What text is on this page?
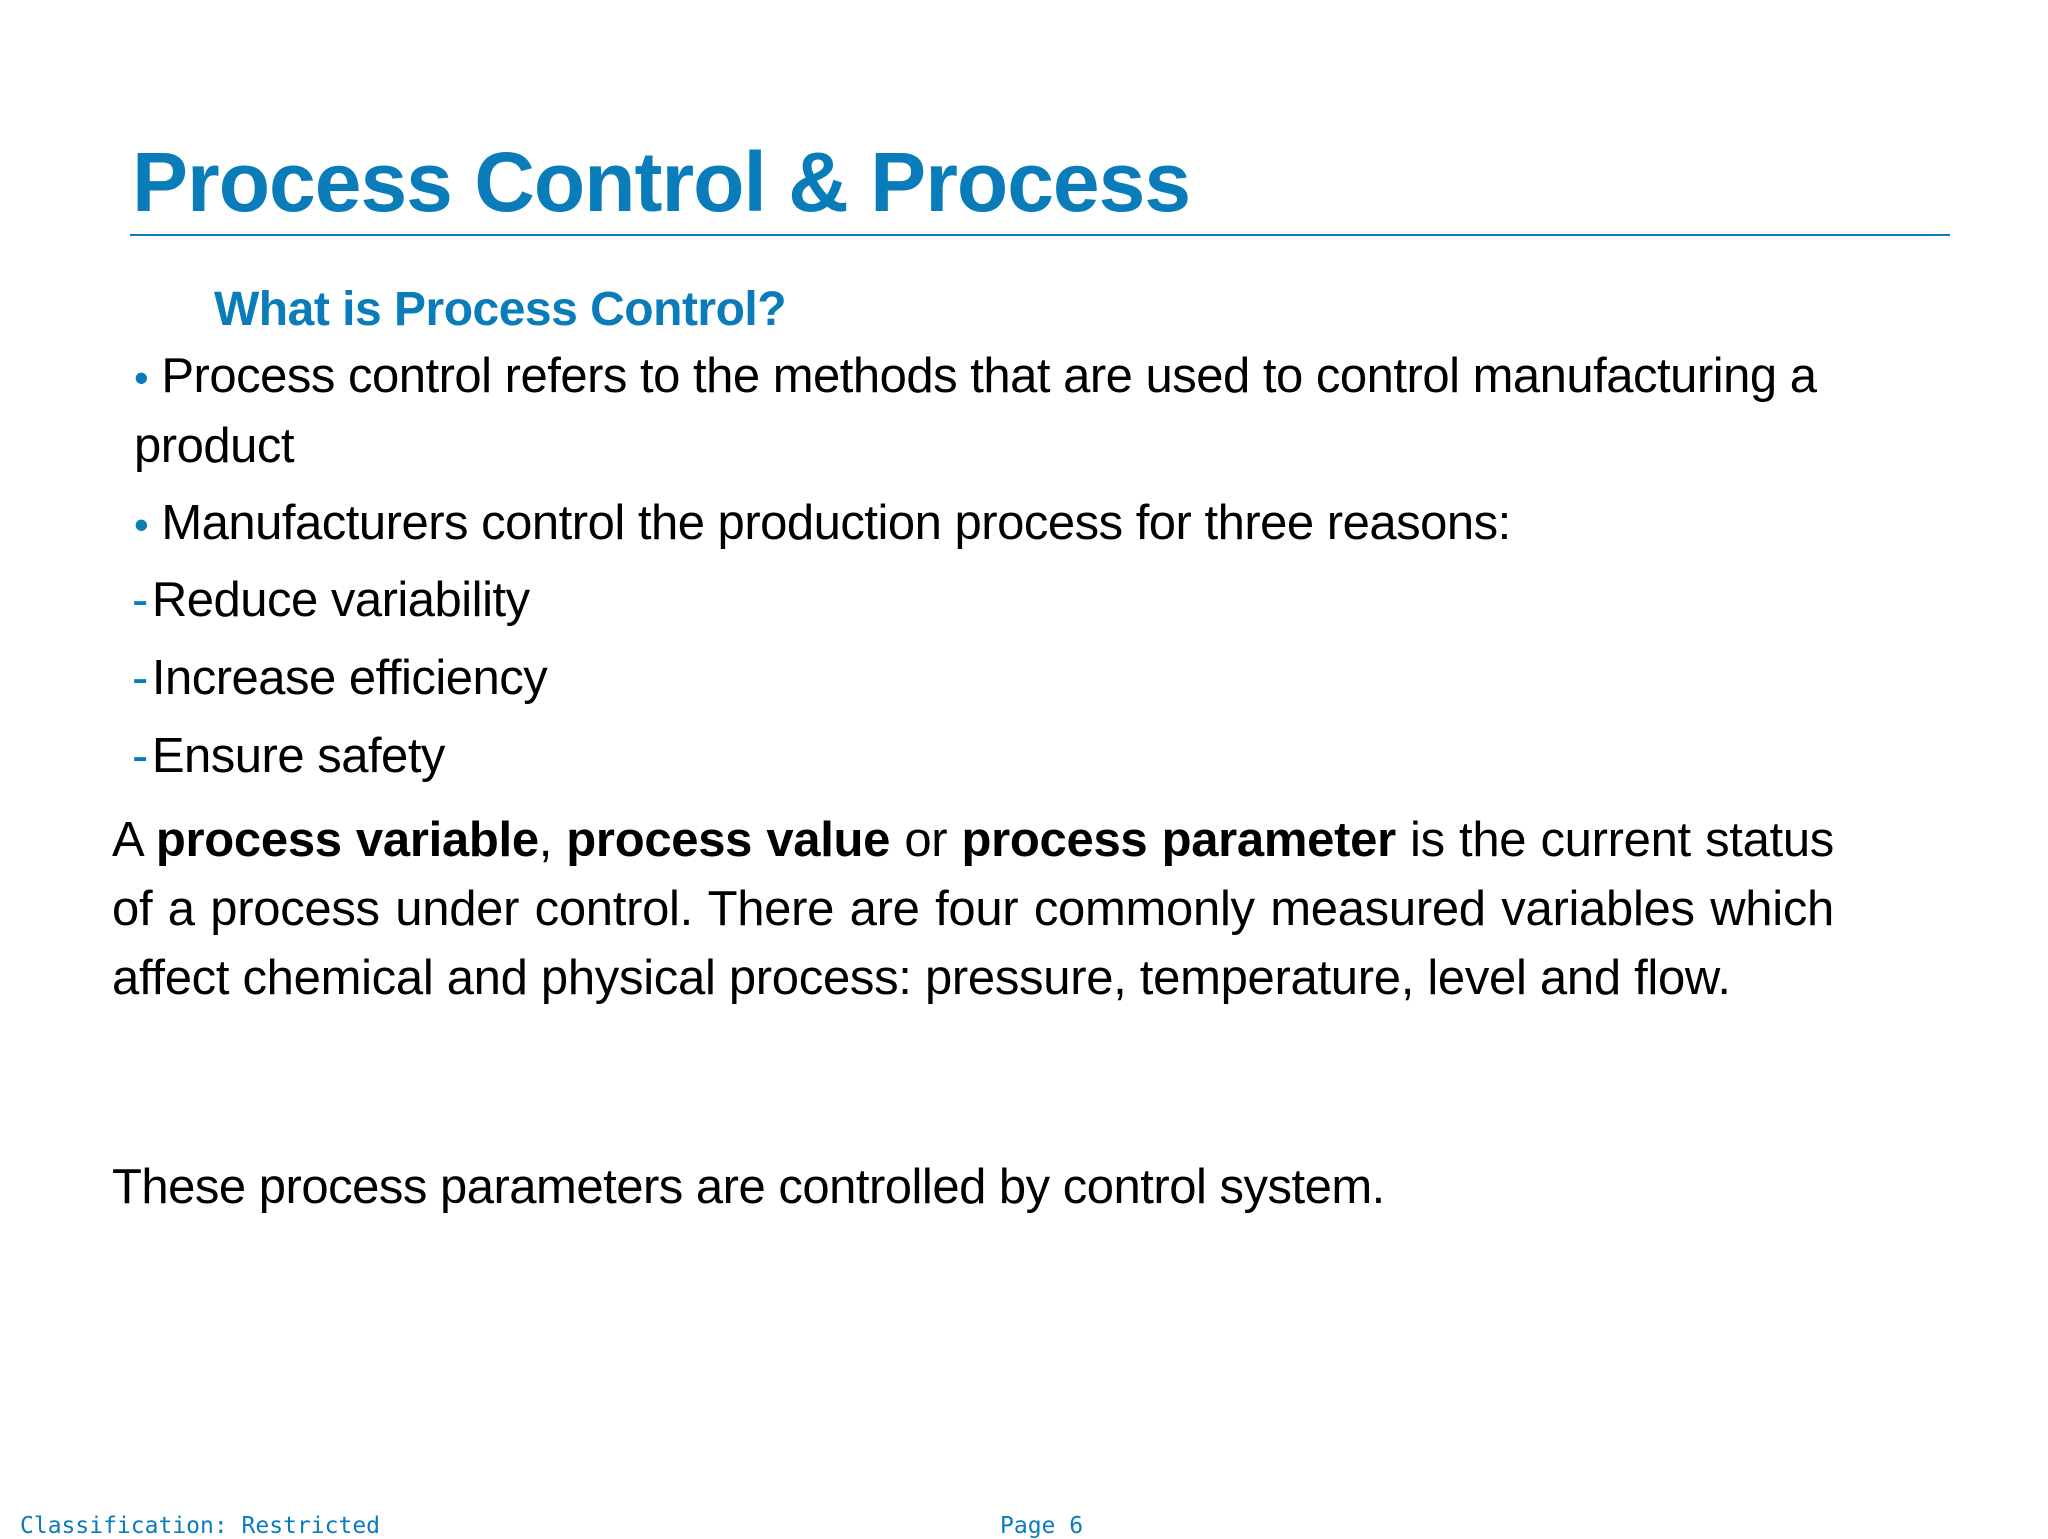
Process Control & Process
What is Process Control?
• Process control refers to the methods that are used to control manufacturing a product
• Manufacturers control the production process for three reasons:
-Reduce variability
-Increase efficiency
-Ensure safety
A process variable, process value or process parameter is the current status of a process under control. There are four commonly measured variables which affect chemical and physical process: pressure, temperature, level and flow.
These process parameters are controlled by control system.
Classification: Restricted	Page 6
